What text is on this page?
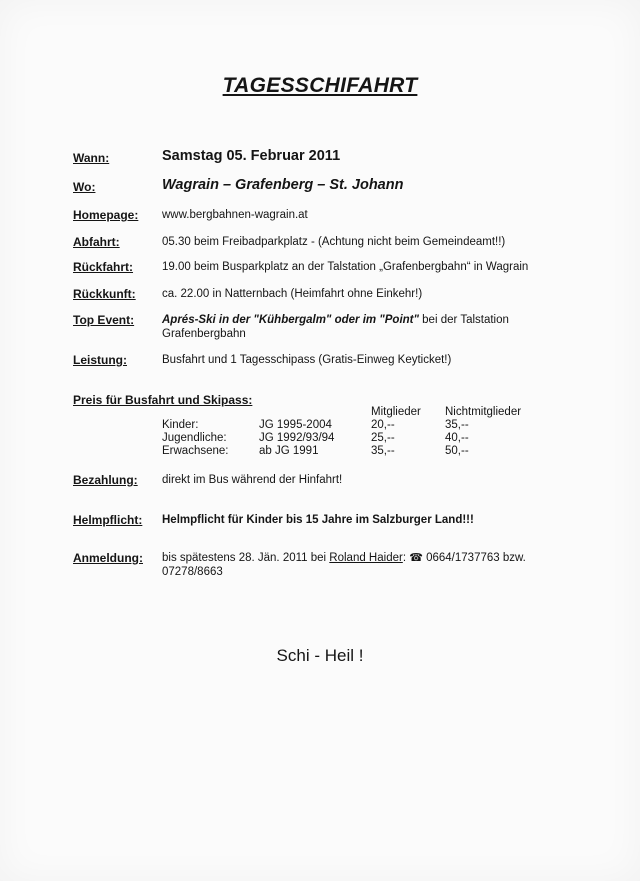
TAGESSCHIFAHRT
Wann:	Samstag 05. Februar 2011
Wo:	Wagrain – Grafenberg – St. Johann
Homepage: www.bergbahnen-wagrain.at
Abfahrt:	05.30 beim Freibadparkplatz - (Achtung nicht beim Gemeindeamt!!)
Rückfahrt:	19.00 beim Busparkplatz an der Talstation „Grafenbergbahn“ in Wagrain
Rückkunft: ca. 22.00 in Natternbach (Heimfahrt ohne Einkehr!)
Top Event: Aprés-Ski in der "Kühbergalm" oder im "Point" bei der Talstation
Grafenbergbahn
Leistung:	Busfahrt und 1 Tagesschipass (Gratis-Einweg Keyticket!)
Preis für Busfahrt und Skipass:
Mitglieder Nichtmitglieder
Kinder:	JG 1995-2004	20,--	35,--
Jugendliche:	JG 1992/93/94	25,--	40,--
Erwachsene:	ab JG 1991	35,--	50,--
Bezahlung: direkt im Bus während der Hinfahrt!
Helmpflicht: Helmpflicht für Kinder bis 15 Jahre im Salzburger Land!!!
Anmeldung: bis spätestens 28. Jän. 2011 bei Roland Haider: ☎ 0664/1737763 bzw.
07278/8663
Schi - Heil !
